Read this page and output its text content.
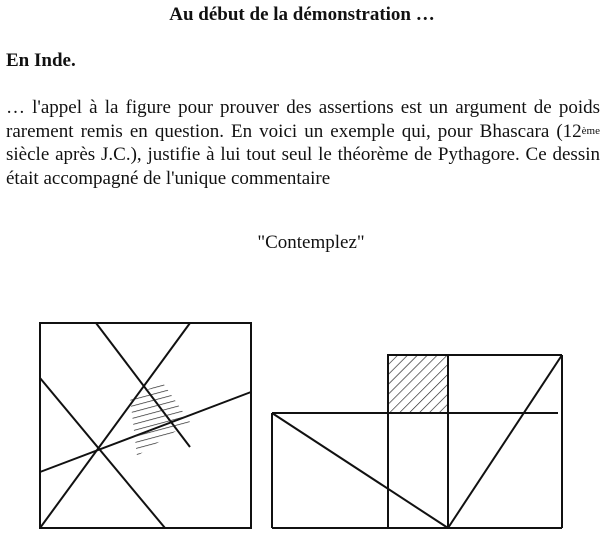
Au début de la démonstration …
En Inde.
… l'appel à la figure pour prouver des assertions est un argument de poids rarement remis en question. En voici un exemple qui, pour Bhascara (12ème siècle après J.C.), justifie à lui tout seul le théorème de Pythagore. Ce dessin était accompagné de l'unique commentaire
"Contemplez"
